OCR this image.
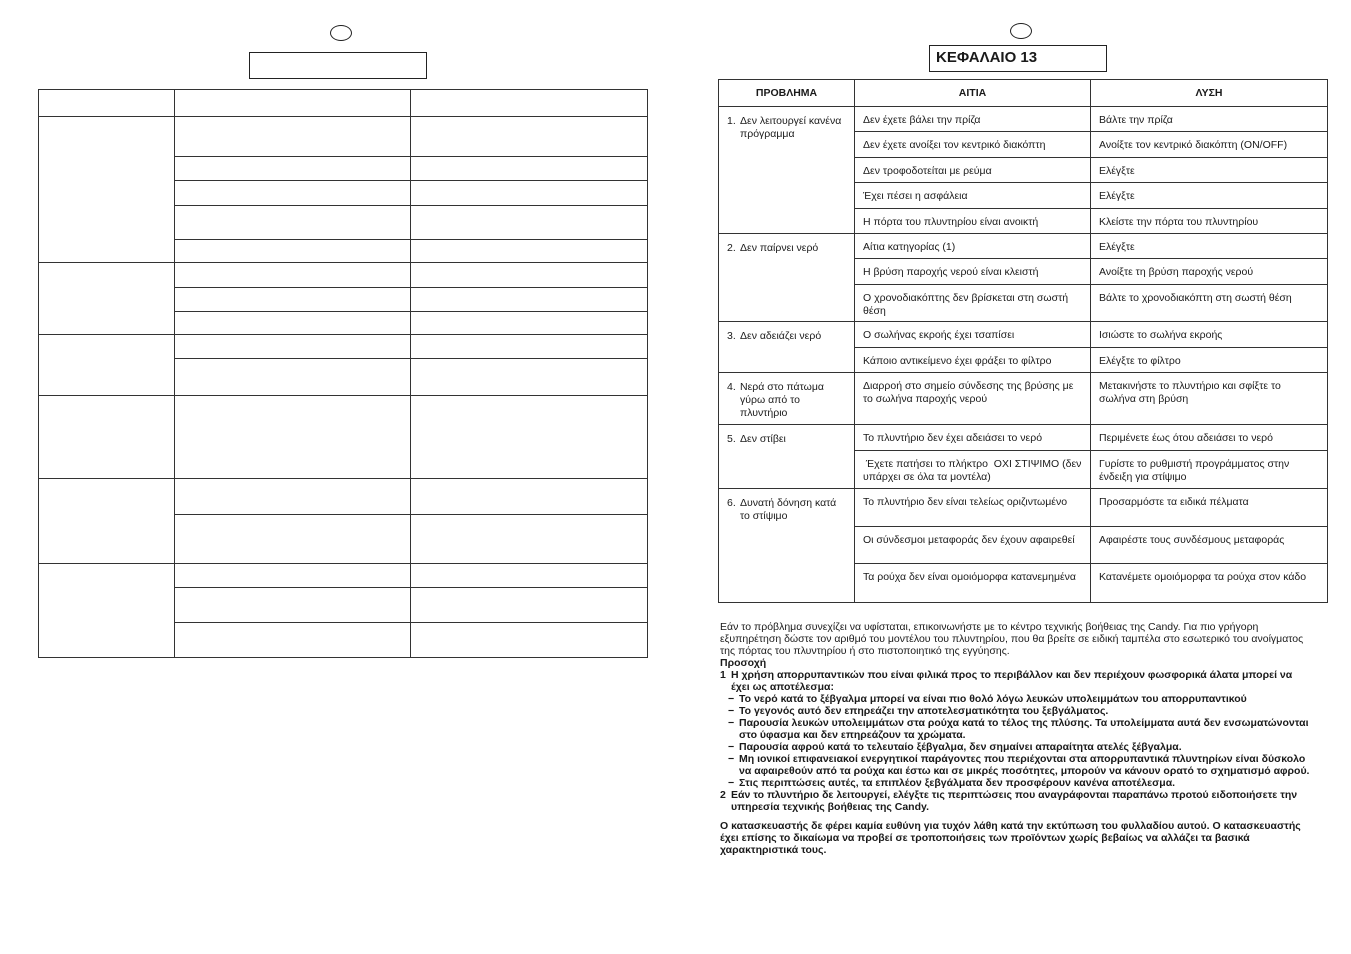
ΚΕΦΑΛΑΙΟ 13
ΠΡΟΒΛΗΜΑ	ΑΙΤΙΑ	ΛΥΣΗ

1. Δεν λειτουργεί κανένα πρόγραμμα	Δεν έχετε βάλει την πρίζα	Βάλτε την πρίζα
	Δεν έχετε ανοίξει τον κεντρικό διακόπτη	Ανοίξτε τον κεντρικό διακόπτη (ON/OFF)
	Δεν τροφοδοτείται με ρεύμα	Ελέγξτε
	Έχει πέσει η ασφάλεια	Ελέγξτε
	Η πόρτα του πλυντηρίου είναι ανοικτή	Κλείστε την πόρτα του πλυντηρίου

2. Δεν παίρνει νερό	Αίτια κατηγορίας (1)	Ελέγξτε
	Η βρύση παροχής νερού είναι κλειστή	Ανοίξτε τη βρύση παροχής νερού
	Ο χρονοδιακόπτης δεν βρίσκεται στη σωστή θέση	Βάλτε το χρονοδιακόπτη στη σωστή θέση

3. Δεν αδειάζει νερό	Ο σωλήνας εκροής έχει τσαπίσει	Ισιώστε το σωλήνα εκροής
	Κάποιο αντικείμενο έχει φράξει το φίλτρο	Ελέγξτε το φίλτρο

4. Νερά στο πάτωμα γύρω από το πλυντήριο	Διαρροή στο σημείο σύνδεσης της βρύσης με το σωλήνα παροχής νερού	Μετακινήστε το πλυντήριο και σφίξτε το σωλήνα στη βρύση

5. Δεν στίβει	Το πλυντήριο δεν έχει αδειάσει το νερό	Περιμένετε έως ότου αδειάσει το νερό
	Έχετε πατήσει το πλήκτρο  ΟΧΙ ΣΤΙΨΙΜΟ (δεν υπάρχει σε όλα τα μοντέλα)	Γυρίστε το ρυθμιστή προγράμματος στην ένδειξη για στίψιμο

6. Δυνατή δόνηση κατά το στίψιμο	Το πλυντήριο δεν είναι τελείως οριζιντωμένο	Προσαρμόστε τα ειδικά πέλματα
	Οι σύνδεσμοι μεταφοράς δεν έχουν αφαιρεθεί	Αφαιρέστε τους συνδέσμους μεταφοράς
	Τα ρούχα δεν είναι ομοιόμορφα κατανεμημένα	Κατανέμετε ομοιόμορφα τα ρούχα στον κάδο

Εάν το πρόβλημα συνεχίζει να υφίσταται, επικοινωνήστε με το κέντρο τεχνικής βοήθειας της Candy. Για πιο γρήγορη εξυπηρέτηση δώστε τον αριθμό του μοντέλου του πλυντηρίου, που θα βρείτε σε ειδική ταμπέλα στο εσωτερικό του ανοίγματος της πόρτας του πλυντηρίου ή στο πιστοποιητικό της εγγύησης.

Προσοχή

1 Η χρήση απορρυπαντικών που είναι φιλικά προς το περιβάλλον και δεν περιέχουν φωσφορικά άλατα μπορεί να έχει ως αποτέλεσμα:
− Το νερό κατά το ξέβγαλμα μπορεί να είναι πιο θολό λόγω λευκών υπολειμμάτων του απορρυπαντικού
− Το γεγονός αυτό δεν επηρεάζει την αποτελεσματικότητα του ξεβγάλματος.
− Παρουσία λευκών υπολειμμάτων στα ρούχα κατά το τέλος της πλύσης. Τα υπολείμματα αυτά δεν ενσωματώνονται στο ύφασμα και δεν επηρεάζουν τα χρώματα.
− Παρουσία αφρού κατά το τελευταίο ξέβγαλμα, δεν σημαίνει απαραίτητα ατελές ξέβγαλμα.
− Μη ιονικοί επιφανειακοί ενεργητικοί παράγοντες που περιέχονται στα απορρυπαντικά πλυντηρίων είναι δύσκολο να αφαιρεθούν από τα ρούχα και έστω και σε μικρές ποσότητες, μπορούν να κάνουν ορατό το σχηματισμό αφρού.
− Στις περιπτώσεις αυτές, τα επιπλέον ξεβγάλματα δεν προσφέρουν κανένα αποτέλεσμα.
2 Εάν το πλυντήριο δε λειτουργεί, ελέγξτε τις περιπτώσεις που αναγράφονται παραπάνω προτού ειδοποιήσετε την υπηρεσία τεχνικής βοήθειας της Candy.

Ο κατασκευαστής δε φέρει καμία ευθύνη για τυχόν λάθη κατά την εκτύπωση του φυλλαδίου αυτού. Ο κατασκευαστής έχει επίσης το δικαίωμα να προβεί σε τροποποιήσεις των προϊόντων χωρίς βεβαίως να αλλάζει τα βασικά χαρακτηριστικά τους.
